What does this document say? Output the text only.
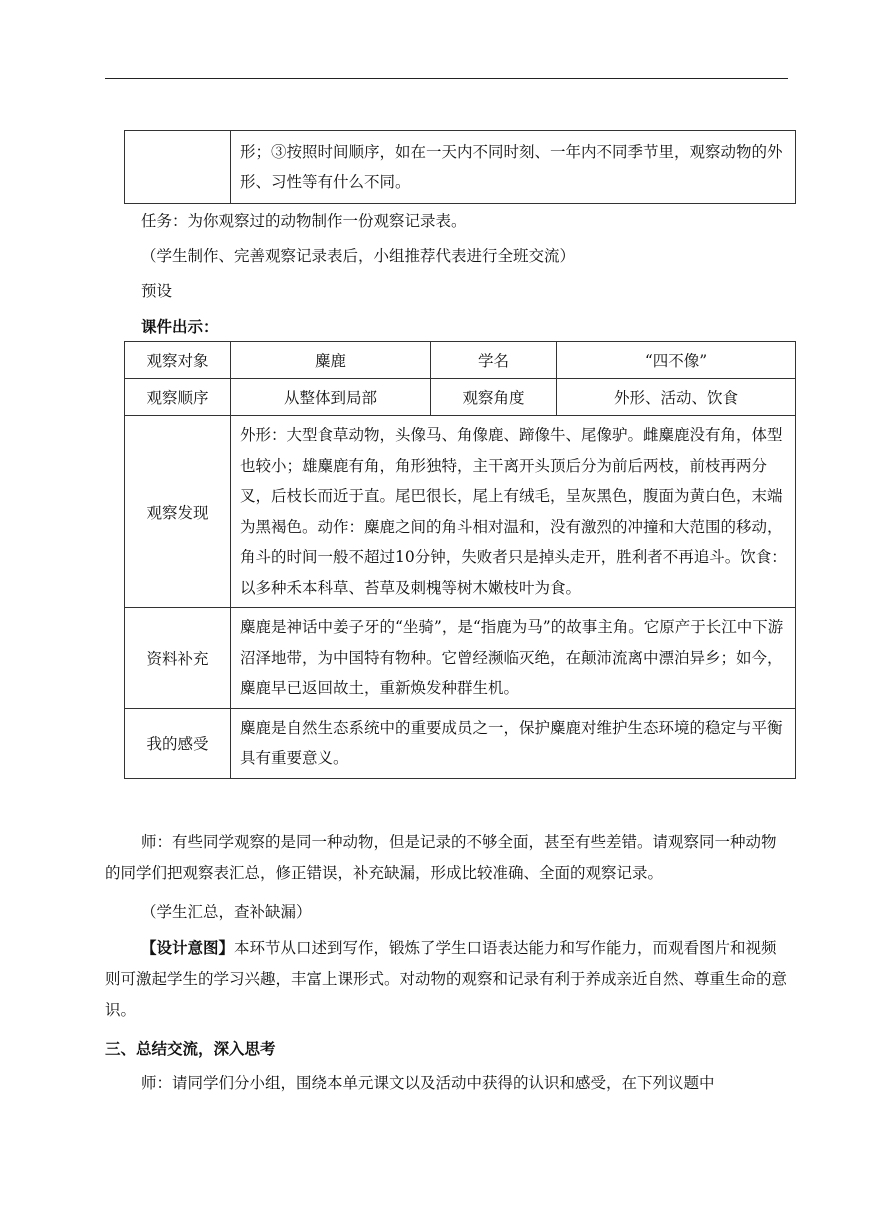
	形；③按照时间顺序，如在一天内不同时刻、一年内不同季节里，观察动物的外形、习性等有什么不同。
任务：为你观察过的动物制作一份观察记录表。
（学生制作、完善观察记录表后，小组推荐代表进行全班交流）
预设
课件出示：
观察对象	麋鹿	学名	“四不像”
观察顺序	从整体到局部	观察角度	外形、活动、饮食
观察发现	外形：大型食草动物，头像马、角像鹿、蹄像牛、尾像驴。雌麋鹿没有角，体型也较小；雄麋鹿有角，角形独特，主干离开头顶后分为前后两枝，前枝再两分叉，后枝长而近于直。尾巴很长，尾上有绒毛，呈灰黑色，腹面为黄白色，末端为黑褐色。动作：麋鹿之间的角斗相对温和，没有激烈的冲撞和大范围的移动，角斗的时间一般不超过10分钟，失败者只是掉头走开，胜利者不再追斗。饮食：以多种禾本科草、苔草及刺槐等树木嫩枝叶为食。		
资料补充	麋鹿是神话中姜子牙的“坐骑”，是“指鹿为马”的故事主角。它原产于长江中下游沼泽地带，为中国特有物种。它曾经濒临灭绝，在颠沛流离中漂泊异乡；如今，麋鹿早已返回故土，重新焕发种群生机。		
我的感受	麋鹿是自然生态系统中的重要成员之一，保护麋鹿对维护生态环境的稳定与平衡具有重要意义。		
师：有些同学观察的是同一种动物，但是记录的不够全面，甚至有些差错。请观察同一种动物的同学们把观察表汇总，修正错误，补充缺漏，形成比较准确、全面的观察记录。
（学生汇总，查补缺漏）
【设计意图】本环节从口述到写作，锻炼了学生口语表达能力和写作能力，而观看图片和视频则可激起学生的学习兴趣，丰富上课形式。对动物的观察和记录有利于养成亲近自然、尊重生命的意识。
三、总结交流，深入思考
师：请同学们分小组，围绕本单元课文以及活动中获得的认识和感受，在下列议题中
